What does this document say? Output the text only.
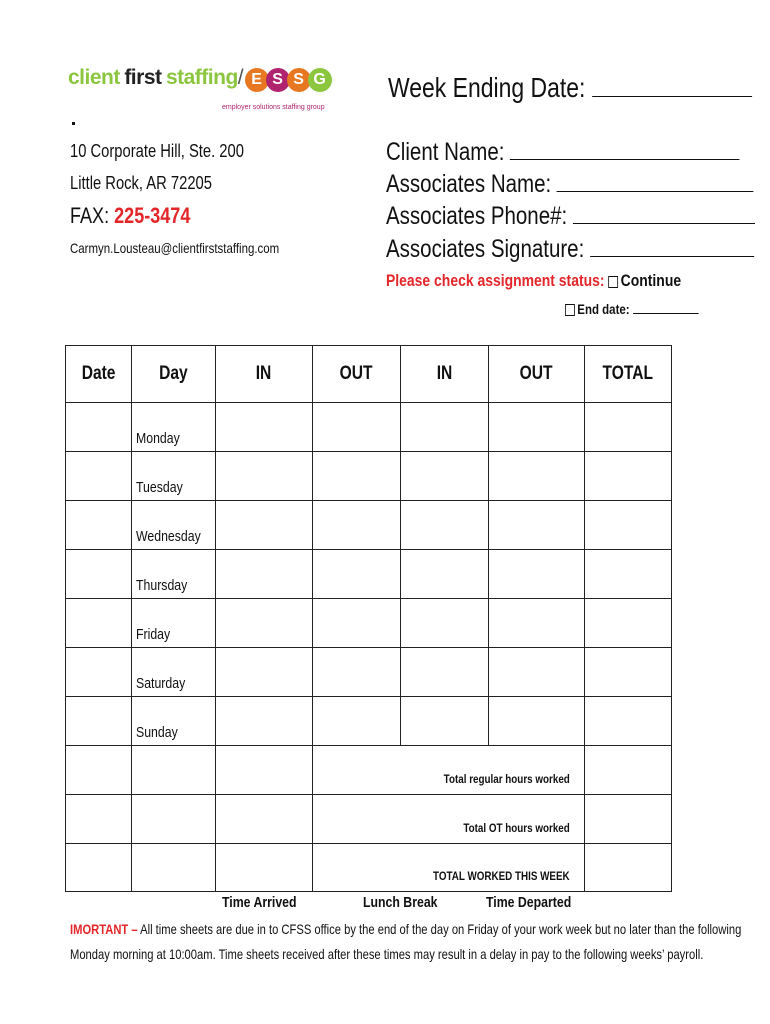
client first staffing/ E S S G
employer solutions staffing group
Week Ending Date:
10 Corporate Hill, Ste. 200
Little Rock, AR 72205
FAX: 225-3474
Carmyn.Lousteau@clientfirststaffing.com
Client Name:
Associates Name:
Associates Phone#:
Associates Signature:
Please check assignment status: Continue
End date:
Date	Day	IN	OUT	IN	OUT	TOTAL
	Monday					
	Tuesday					
	Wednesday					
	Thursday					
	Friday					
	Saturday					
	Sunday					
			Total regular hours worked			
			Total OT hours worked			
			TOTAL WORKED THIS WEEK			
Time Arrived	Lunch Break	Time Departed
IMORTANT – All time sheets are due in to CFSS office by the end of the day on Friday of your work week but no later than the following
Monday morning at 10:00am. Time sheets received after these times may result in a delay in pay to the following weeks’ payroll.
